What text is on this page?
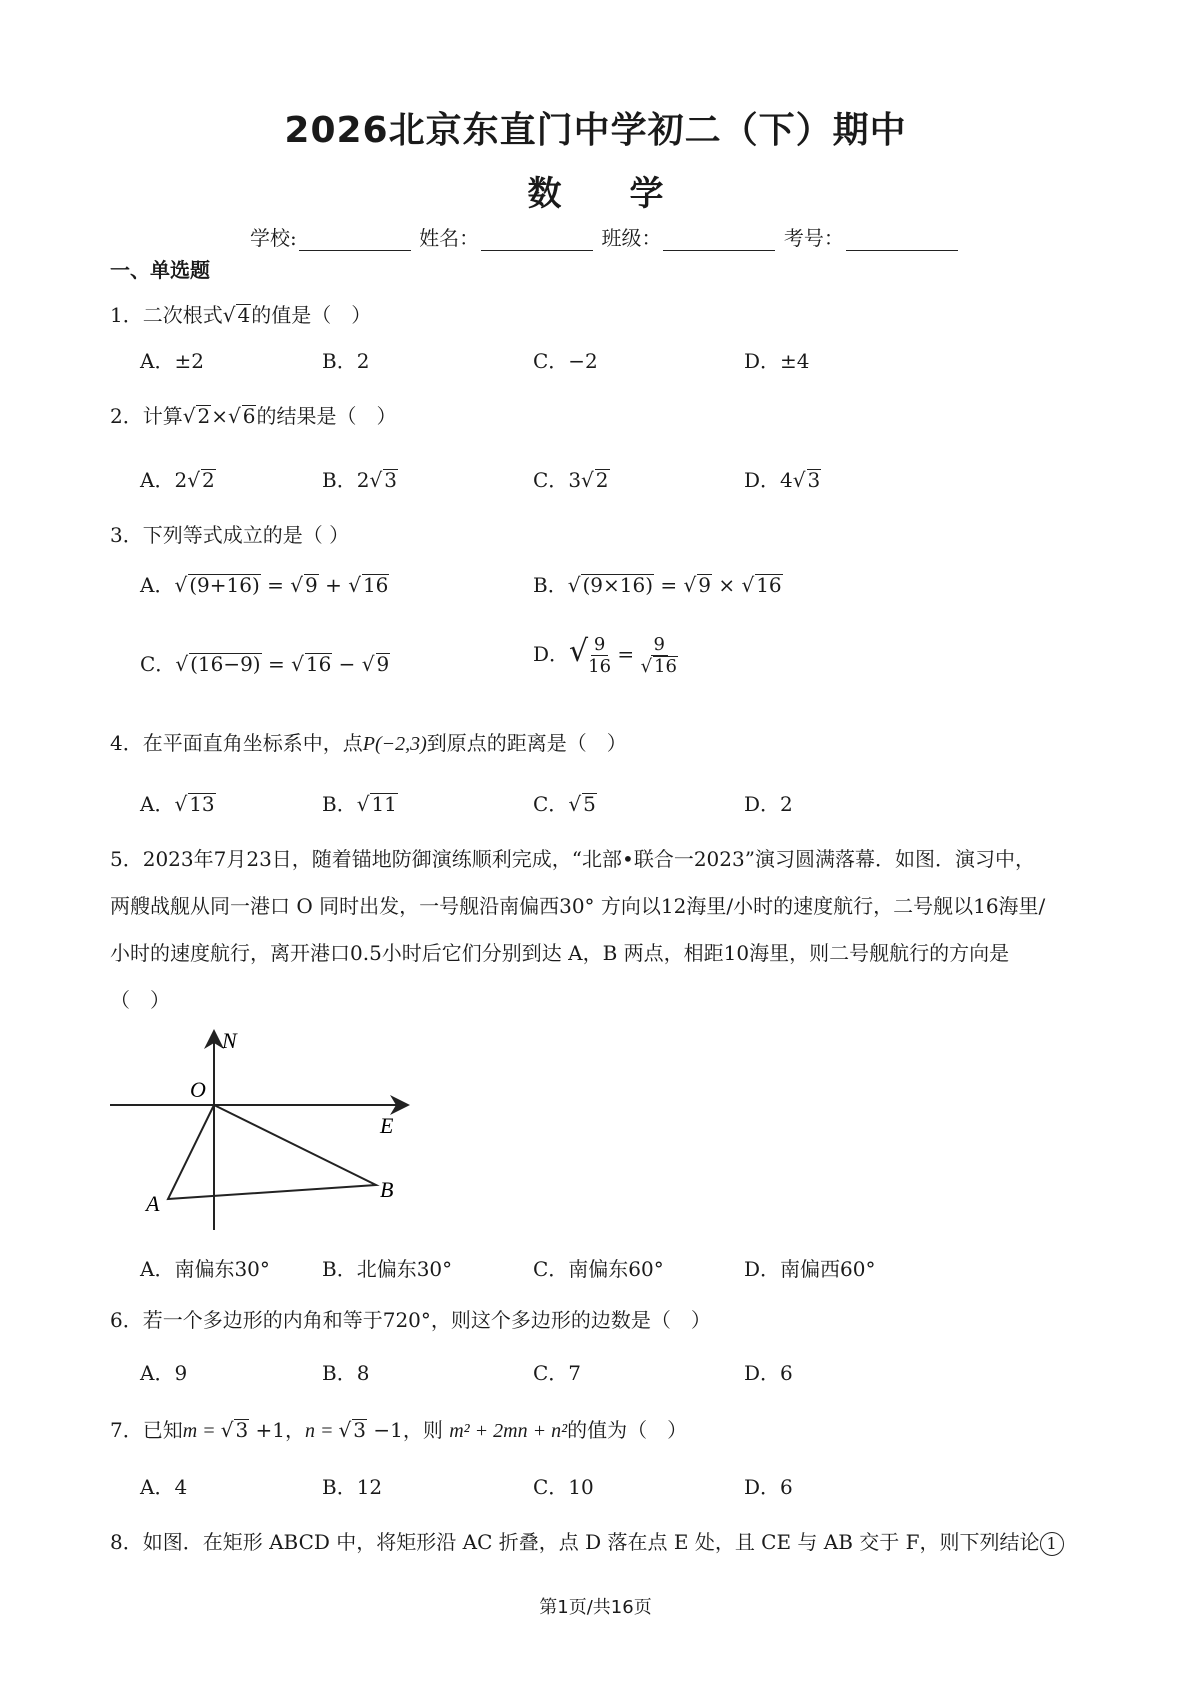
2026北京东直门中学初二（下）期中
数　　学
学校:	姓名：	班级：	考号：
一、单选题
1．二次根式 √ 4的值是（　）
A．±2	B．2	C．−2	D．±4
2．计算 √ 2× √ 6的结果是（　）
A．2 √ 2	B．2 √ 3	C．3 √ 2	D．4 √ 3
3．下列等式成立的是（ ）
A． √ (9+16) = √ 9 + √ 16	B． √ (9×16) = √ 9 × √ 16
C． √ (16−9) = √ 16 − √ 9	D．√ $\frac{9}{16} = 9$
√ 16
4．在平面直角坐标系中，点P(−2,3)到原点的距离是（　）
A． √ 13	B． √ 11	C． √ 5	D．2
5．2023年7月23日，随着锚地防御演练顺利完成，“北部•联合一2023”演习圆满落幕．如图．演习中，
两艘战舰从同一港口 O 同时出发，一号舰沿南偏西30° 方向以12海里/小时的速度航行，二号舰以16海里/
小时的速度航行，离开港口0.5小时后它们分别到达 A，B 两点，相距10海里，则二号舰航行的方向是
（　）
N
O
E
A
B
A．南偏东30°	B．北偏东30°	C．南偏东60°	D．南偏西60°
6．若一个多边形的内角和等于720°，则这个多边形的边数是（　）
A．9	B．8	C．7	D．6
7．已知m = √ 3 +1，n = √ 3 −1，则 m² + 2mn + n²的值为（　）
A．4	B．12	C．10	D．6
8．如图．在矩形 ABCD 中，将矩形沿 AC 折叠，点 D 落在点 E 处，且 CE 与 AB 交于 F，则下列结论 1
第1页/共16页
